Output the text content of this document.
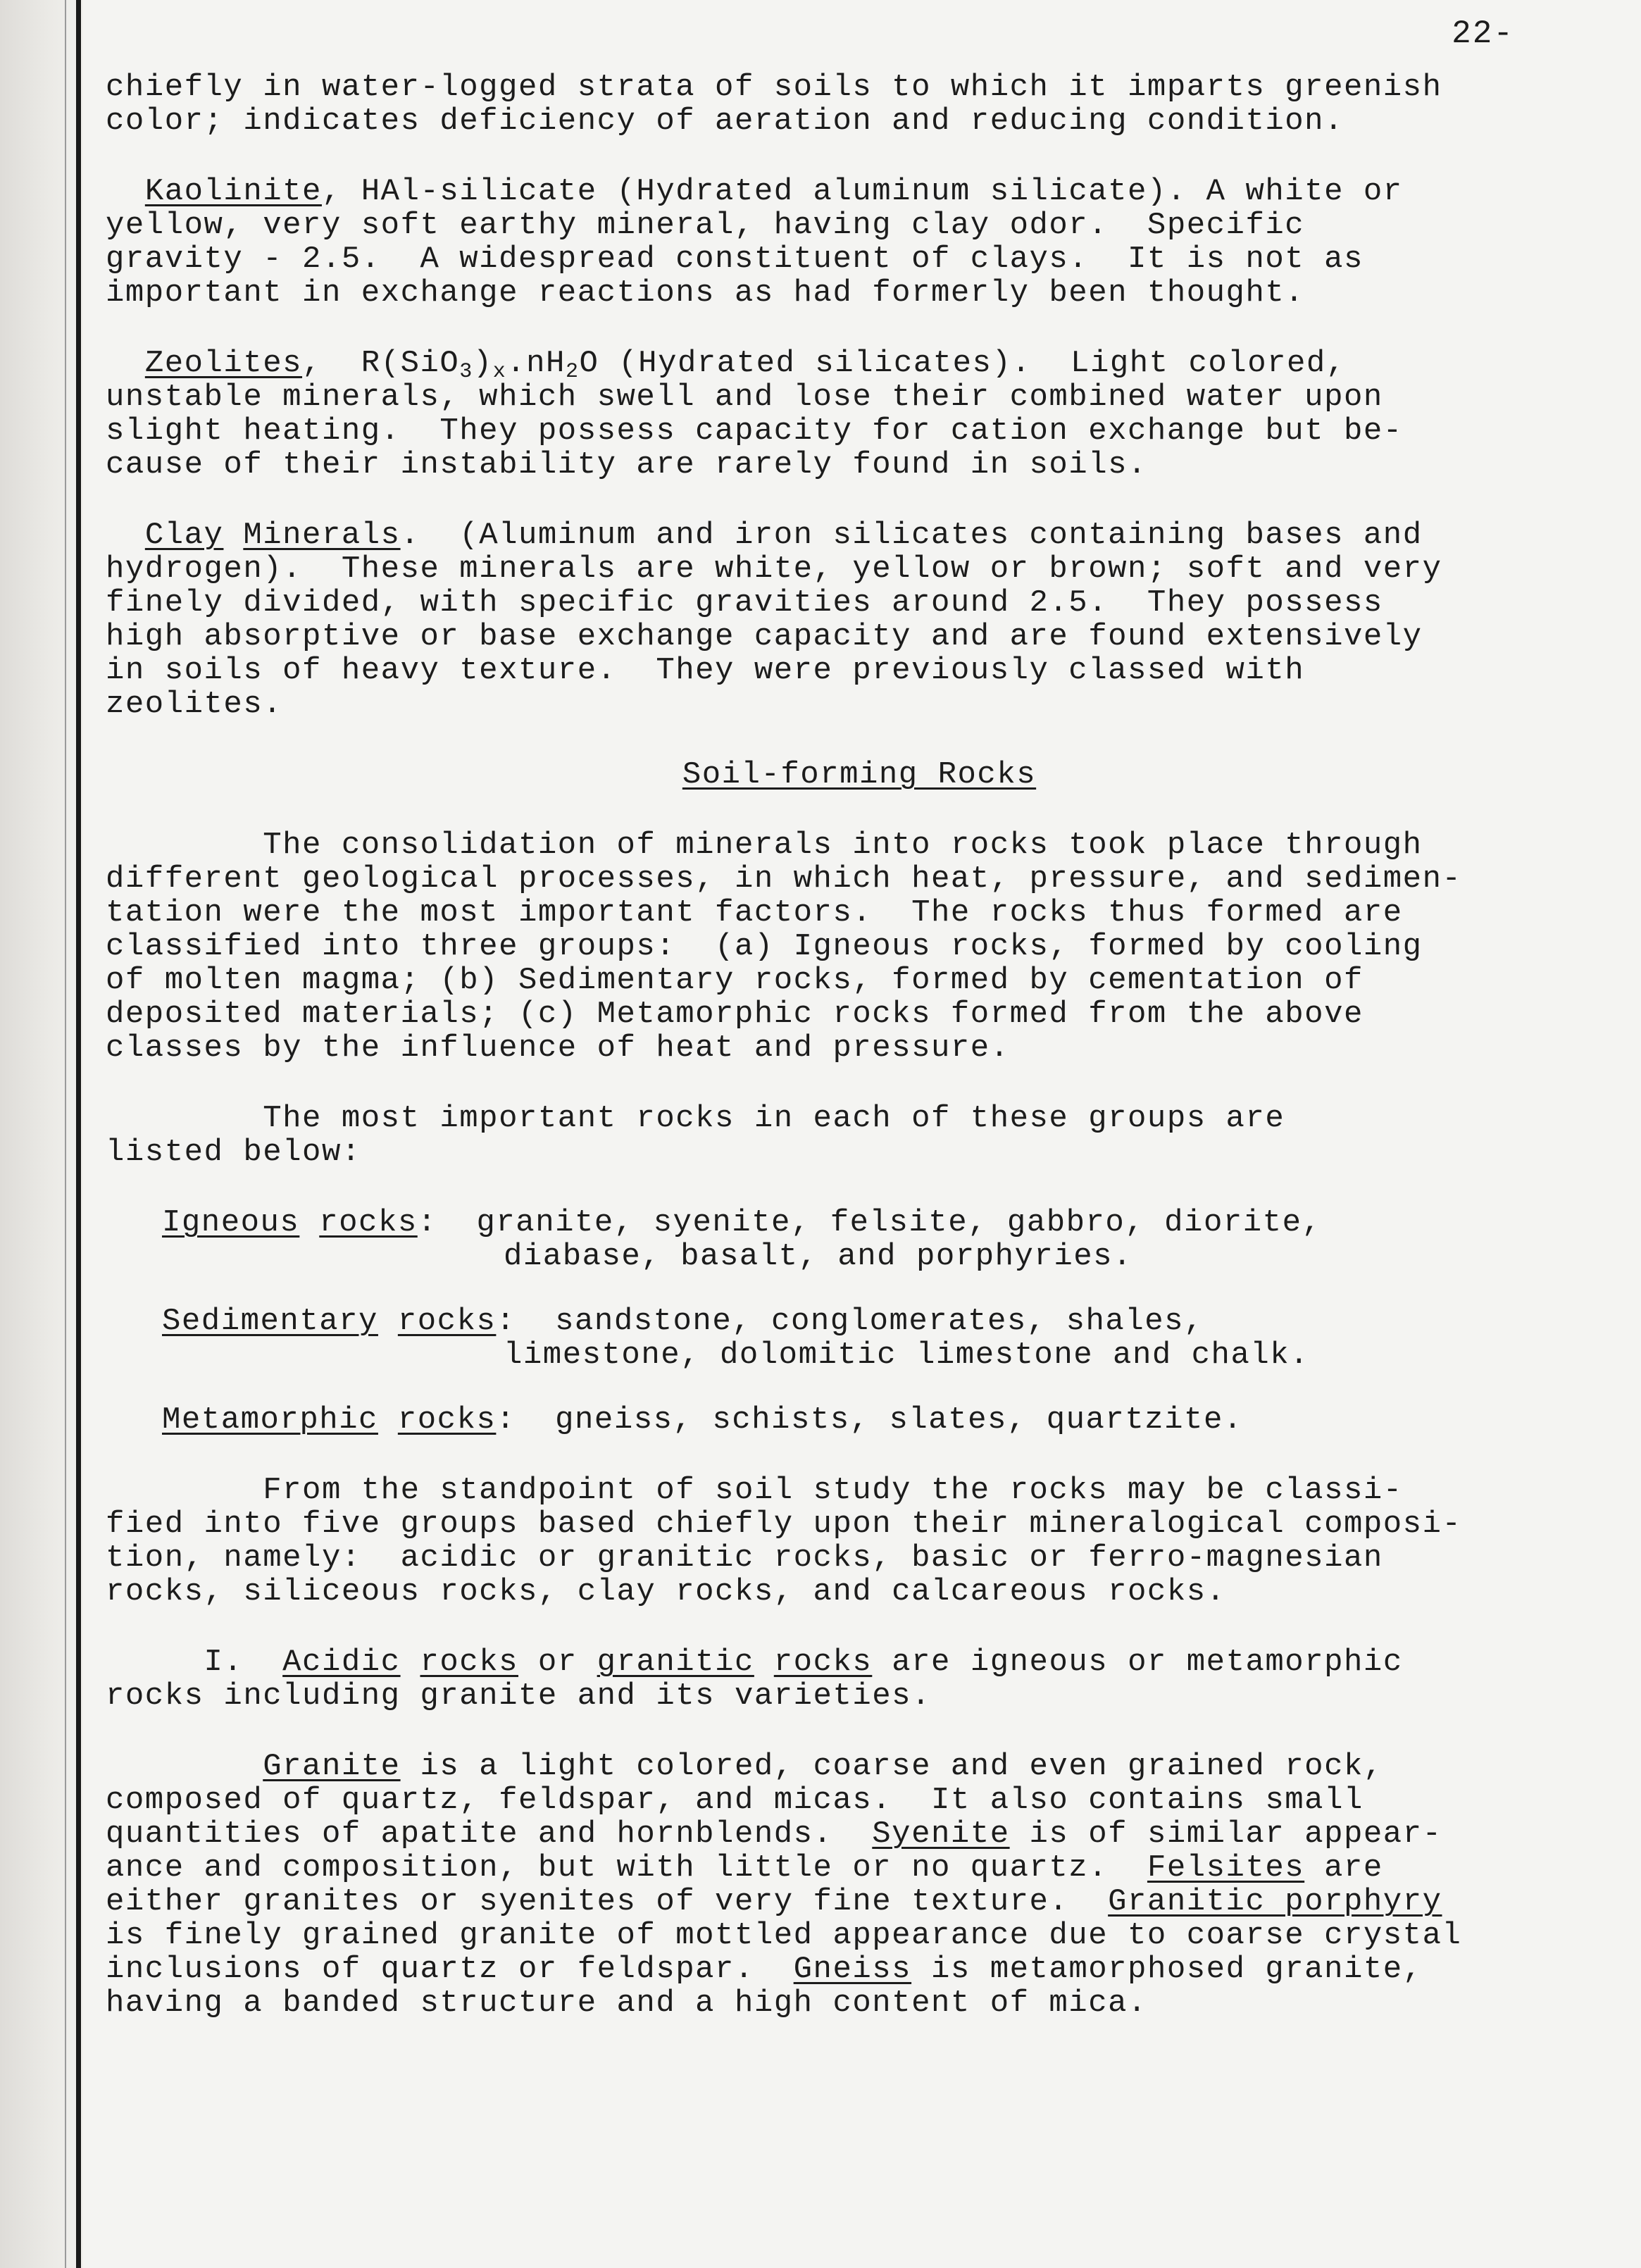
22-
chiefly in water-logged strata of soils to which it imparts greenish
color; indicates deficiency of aeration and reducing condition.
Kaolinite, HAl-silicate (Hydrated aluminum silicate). A white or
yellow, very soft earthy mineral, having clay odor.  Specific
gravity - 2.5.  A widespread constituent of clays.  It is not as
important in exchange reactions as had formerly been thought.
Zeolites,  $R(SiO_3)_x.nH_2O$ (Hydrated silicates).  Light colored,
unstable minerals, which swell and lose their combined water upon
slight heating.  They possess capacity for cation exchange but be-
cause of their instability are rarely found in soils.
Clay Minerals.  (Aluminum and iron silicates containing bases and
hydrogen).  These minerals are white, yellow or brown; soft and very
finely divided, with specific gravities around 2.5.  They possess
high absorptive or base exchange capacity and are found extensively
in soils of heavy texture.  They were previously classed with
zeolites.
Soil-forming Rocks
The consolidation of minerals into rocks took place through
different geological processes, in which heat, pressure, and sedimen-
tation were the most important factors.  The rocks thus formed are
classified into three groups:  (a) Igneous rocks, formed by cooling
of molten magma; (b) Sedimentary rocks, formed by cementation of
deposited materials; (c) Metamorphic rocks formed from the above
classes by the influence of heat and pressure.
The most important rocks in each of these groups are
listed below:
Igneous rocks:  granite, syenite, felsite, gabbro, diorite,
diabase, basalt, and porphyries.
Sedimentary rocks:  sandstone, conglomerates, shales,
limestone, dolomitic limestone and chalk.
Metamorphic rocks:  gneiss, schists, slates, quartzite.
From the standpoint of soil study the rocks may be classi-
fied into five groups based chiefly upon their mineralogical composi-
tion, namely:  acidic or granitic rocks, basic or ferro-magnesian
rocks, siliceous rocks, clay rocks, and calcareous rocks.
I.  Acidic rocks or granitic rocks are igneous or metamorphic
rocks including granite and its varieties.
Granite is a light colored, coarse and even grained rock,
composed of quartz, feldspar, and micas.  It also contains small
quantities of apatite and hornblends.  Syenite is of similar appear-
ance and composition, but with little or no quartz.  Felsites are
either granites or syenites of very fine texture.  Granitic porphyry
is finely grained granite of mottled appearance due to coarse crystal
inclusions of quartz or feldspar.  Gneiss is metamorphosed granite,
having a banded structure and a high content of mica.
